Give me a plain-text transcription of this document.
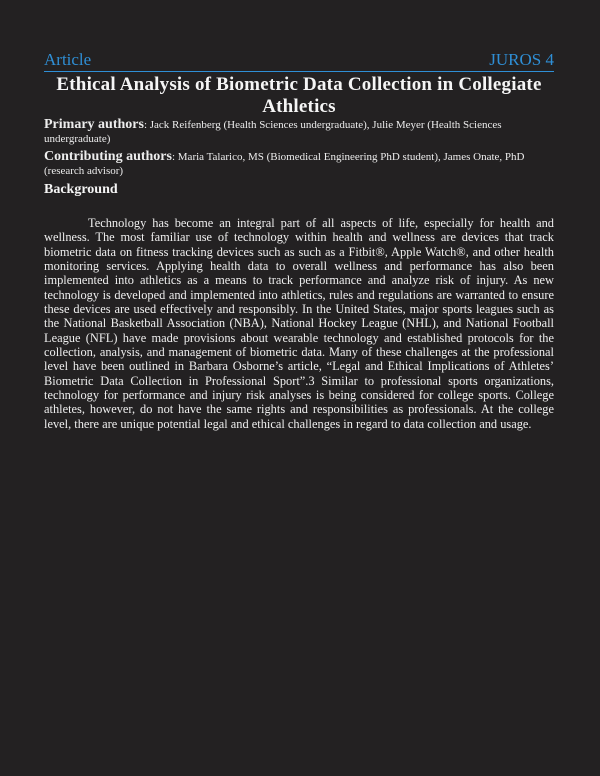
Article	JUROS 4
Ethical Analysis of Biometric Data Collection in Collegiate Athletics
Primary authors: Jack Reifenberg (Health Sciences undergraduate), Julie Meyer (Health Sciences undergraduate)
Contributing authors: Maria Talarico, MS (Biomedical Engineering PhD student), James Onate, PhD (research advisor)
Background

Technology has become an integral part of all aspects of life, especially for health and wellness. The most familiar use of technology within health and wellness are devices that track biometric data on fitness tracking devices such as such as a Fitbit®, Apple Watch®, and other health monitoring services. Applying health data to overall wellness and performance has also been implemented into athletics as a means to track performance and analyze risk of injury. As new technology is developed and implemented into athletics, rules and regulations are warranted to ensure these devices are used effectively and responsibly. In the United States, major sports leagues such as the National Basketball Association (NBA), National Hockey League (NHL), and National Football League (NFL) have made provisions about wearable technology and established protocols for the collection, analysis, and management of biometric data. Many of these challenges at the professional level have been outlined in Barbara Osborne’s article, “Legal and Ethical Implications of Athletes’ Biometric Data Collection in Professional Sport”.3 Similar to professional sports organizations, technology for performance and injury risk analyses is being considered for college sports. College athletes, however, do not have the same rights and responsibilities as professionals. At the college level, there are unique potential legal and ethical challenges in regard to data collection and usage.
